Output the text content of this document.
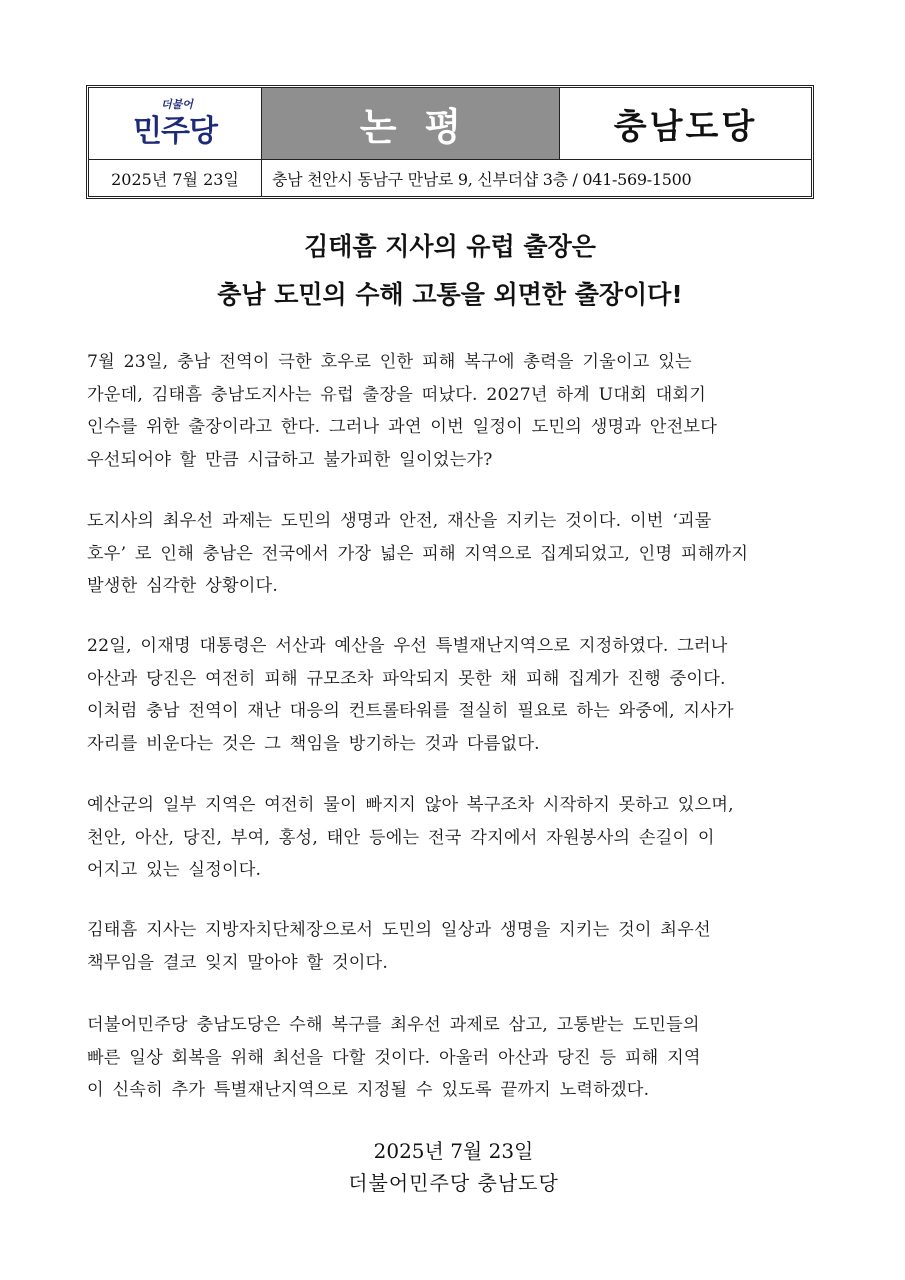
더불어
민주당	논평	충남도당
2025년 7월 23일	충남 천안시 동남구 만남로 9, 신부더샵 3층 / 041-569-1500
김태흠 지사의 유럽 출장은
충남 도민의 수해 고통을 외면한 출장이다!
7월 23일, 충남 전역이 극한 호우로 인한 피해 복구에 총력을 기울이고 있는
가운데, 김태흠 충남도지사는 유럽 출장을 떠났다. 2027년 하계 U대회 대회기
인수를 위한 출장이라고 한다. 그러나 과연 이번 일정이 도민의 생명과 안전보다
우선되어야 할 만큼 시급하고 불가피한 일이었는가?
도지사의 최우선 과제는 도민의 생명과 안전, 재산을 지키는 것이다. 이번 ‘괴물
호우’ 로 인해 충남은 전국에서 가장 넓은 피해 지역으로 집계되었고, 인명 피해까지
발생한 심각한 상황이다.
22일, 이재명 대통령은 서산과 예산을 우선 특별재난지역으로 지정하였다. 그러나
아산과 당진은 여전히 피해 규모조차 파악되지 못한 채 피해 집계가 진행 중이다.
이처럼 충남 전역이 재난 대응의 컨트롤타워를 절실히 필요로 하는 와중에, 지사가
자리를 비운다는 것은 그 책임을 방기하는 것과 다름없다.
예산군의 일부 지역은 여전히 물이 빠지지 않아 복구조차 시작하지 못하고 있으며,
천안, 아산, 당진, 부여, 홍성, 태안 등에는 전국 각지에서 자원봉사의 손길이 이
어지고 있는 실정이다.
김태흠 지사는 지방자치단체장으로서 도민의 일상과 생명을 지키는 것이 최우선
책무임을 결코 잊지 말아야 할 것이다.
더불어민주당 충남도당은 수해 복구를 최우선 과제로 삼고, 고통받는 도민들의
빠른 일상 회복을 위해 최선을 다할 것이다. 아울러 아산과 당진 등 피해 지역
이 신속히 추가 특별재난지역으로 지정될 수 있도록 끝까지 노력하겠다.
2025년 7월 23일
더불어민주당 충남도당
